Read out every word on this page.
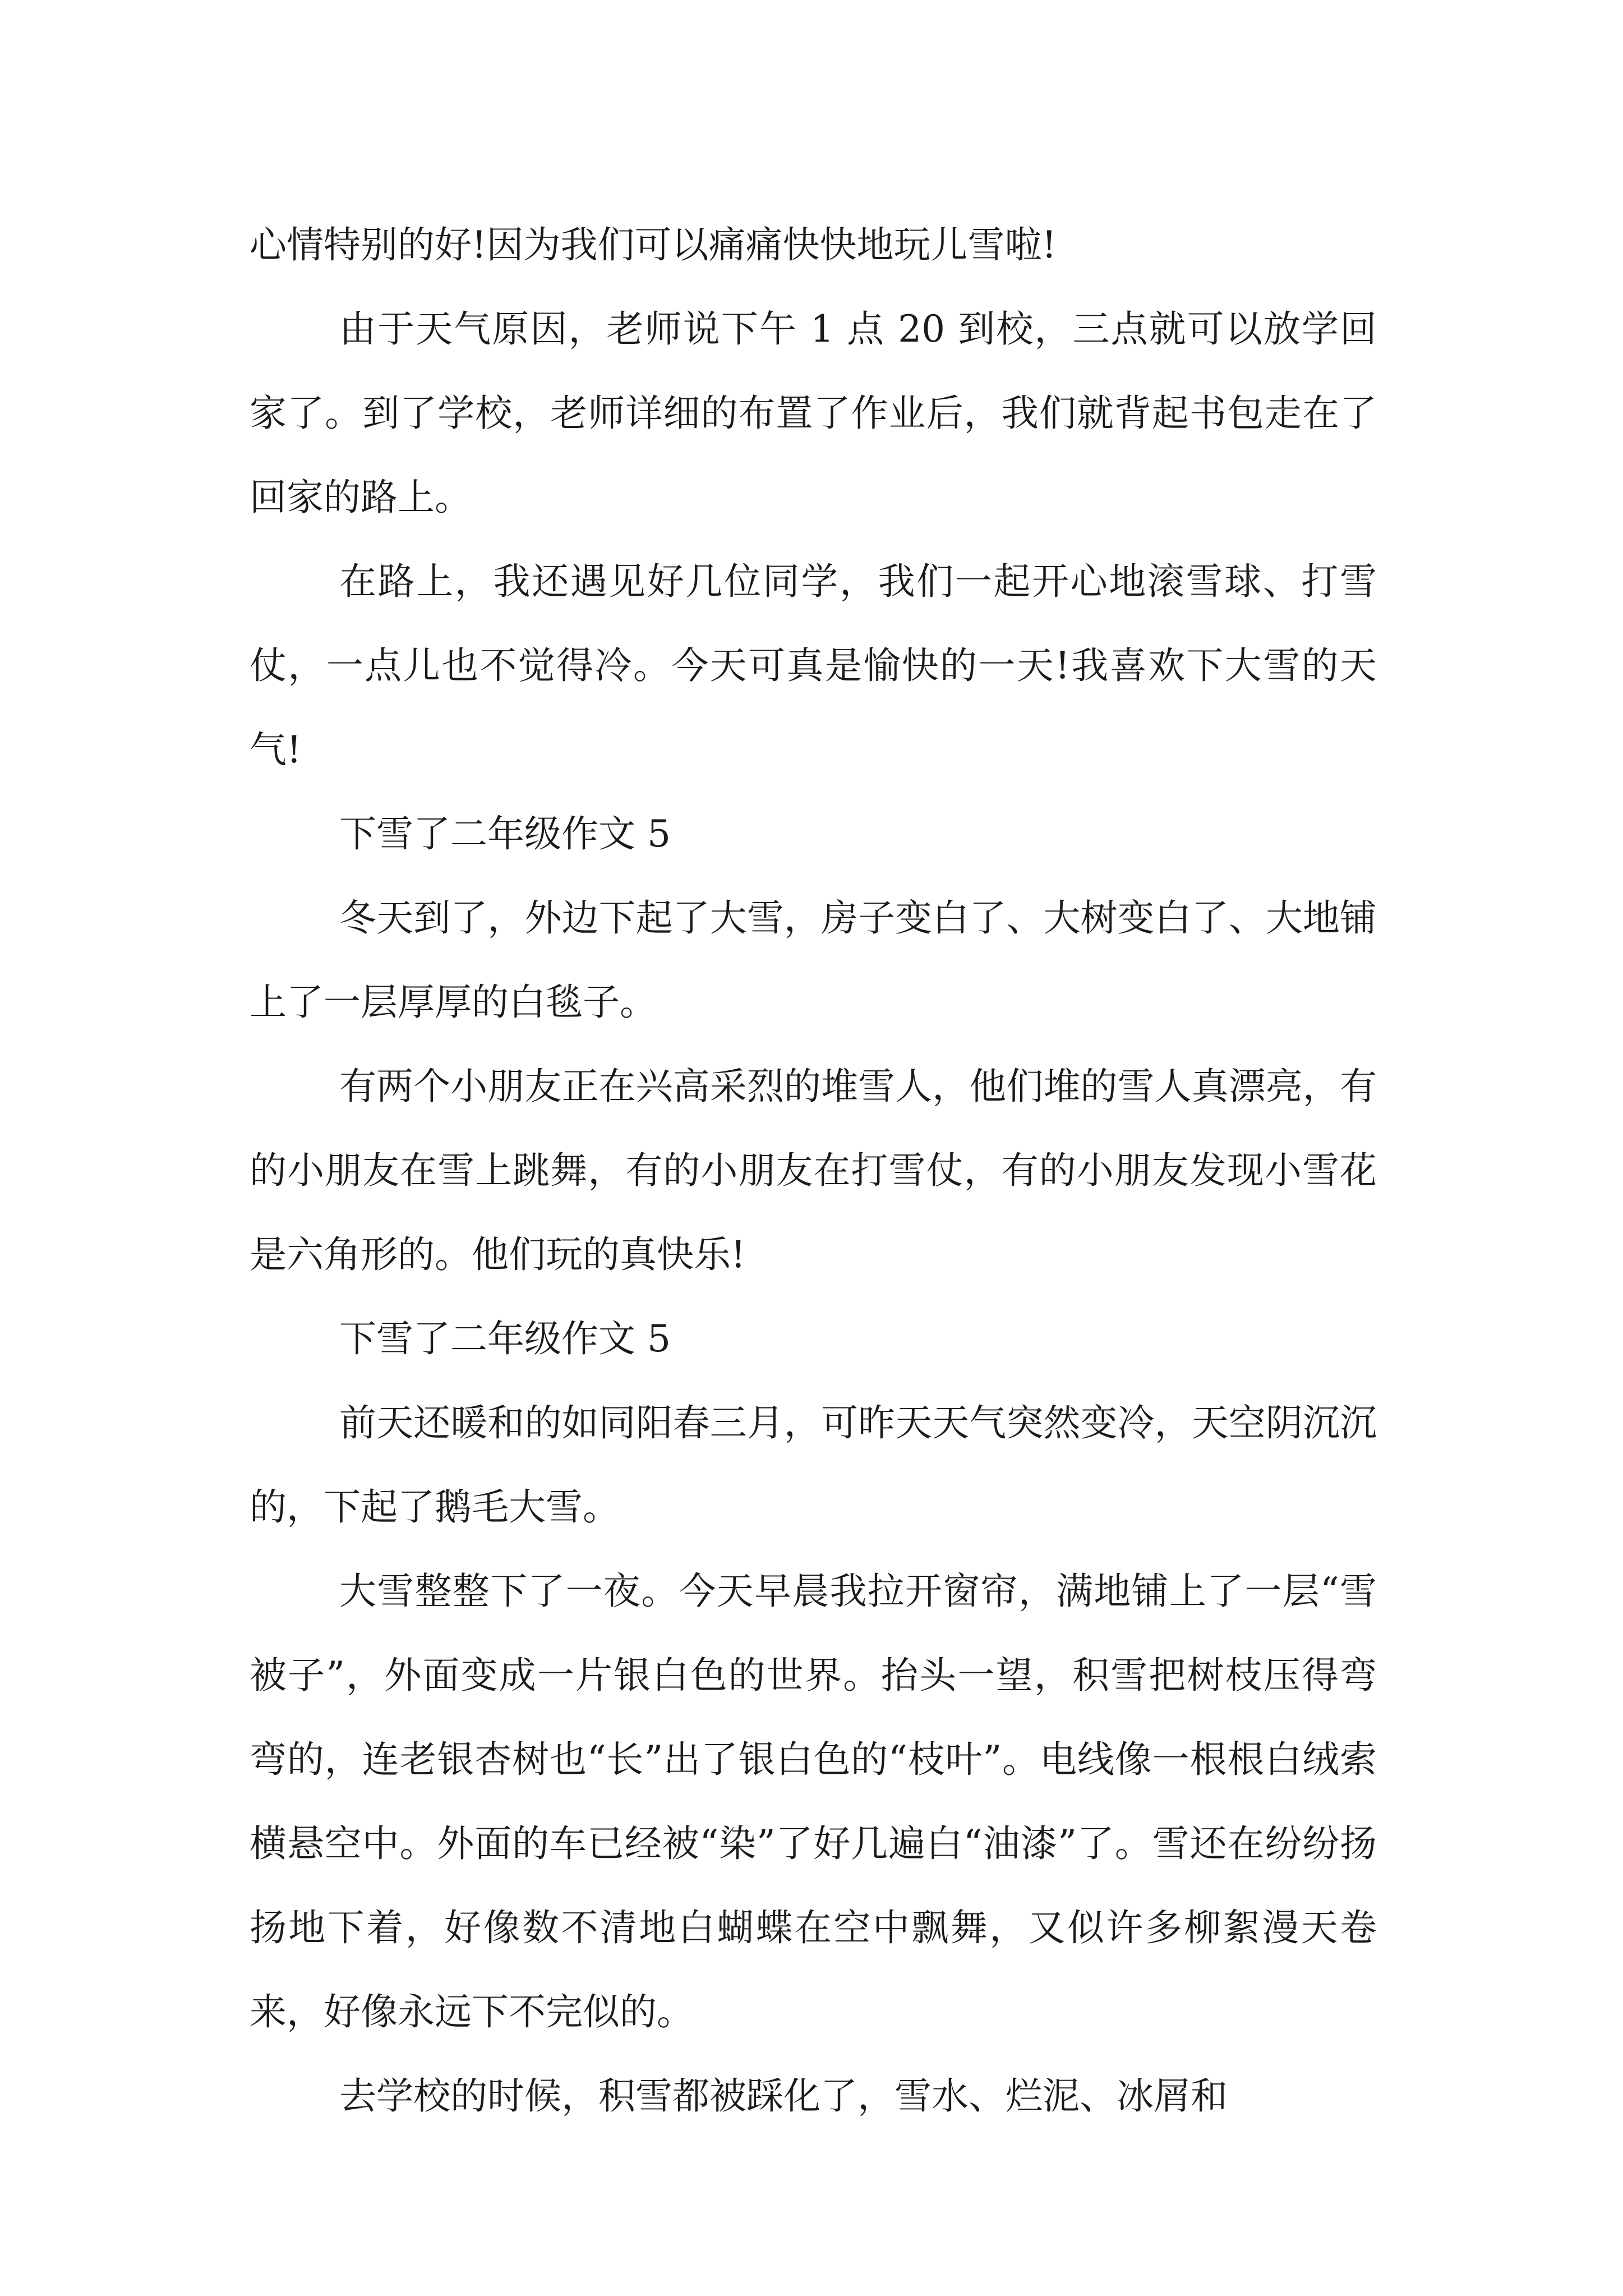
心情特别的好!因为我们可以痛痛快快地玩儿雪啦!

由于天气原因，老师说下午 1 点 20 到校，三点就可以放学回家了。到了学校，老师详细的布置了作业后，我们就背起书包走在了回家的路上。

在路上，我还遇见好几位同学，我们一起开心地滚雪球、打雪仗，一点儿也不觉得冷。今天可真是愉快的一天!我喜欢下大雪的天气!

下雪了二年级作文 5

冬天到了，外边下起了大雪，房子变白了、大树变白了、大地铺上了一层厚厚的白毯子。

有两个小朋友正在兴高采烈的堆雪人，他们堆的雪人真漂亮，有的小朋友在雪上跳舞，有的小朋友在打雪仗，有的小朋友发现小雪花是六角形的。他们玩的真快乐!

下雪了二年级作文 5

前天还暖和的如同阳春三月，可昨天天气突然变冷，天空阴沉沉的，下起了鹅毛大雪。

大雪整整下了一夜。今天早晨我拉开窗帘，满地铺上了一层“雪被子”，外面变成一片银白色的世界。抬头一望，积雪把树枝压得弯弯的，连老银杏树也“长”出了银白色的“枝叶”。电线像一根根白绒索横悬空中。外面的车已经被“染”了好几遍白“油漆”了。雪还在纷纷扬扬地下着，好像数不清地白蝴蝶在空中飘舞，又似许多柳絮漫天卷来，好像永远下不完似的。

去学校的时候，积雪都被踩化了，雪水、烂泥、冰屑和
